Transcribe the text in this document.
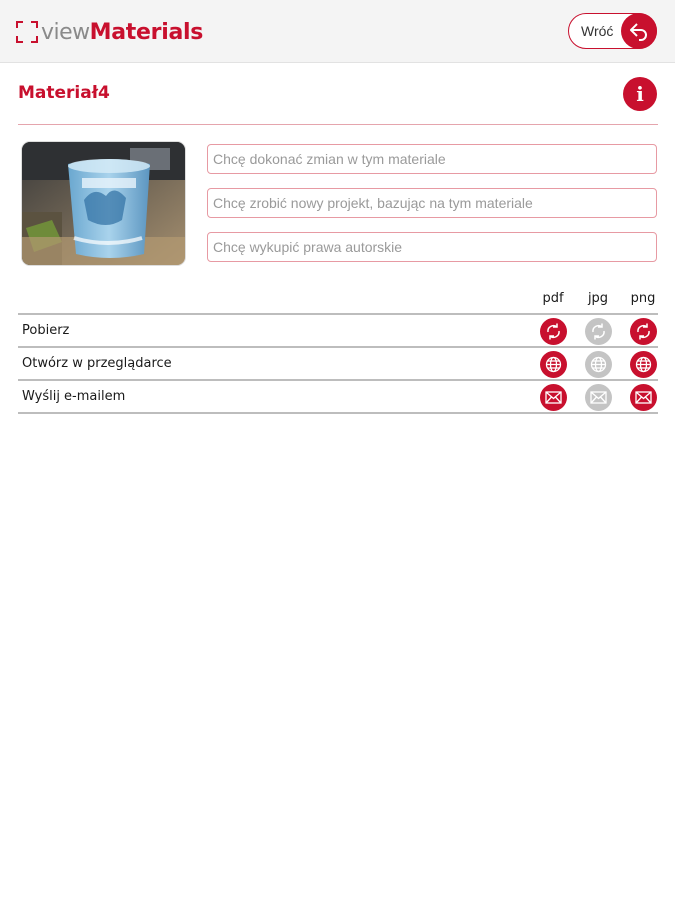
view Materials	Wróć
Materiał4	i
Chcę dokonać zmian w tym materiale
Chcę zrobić nowy projekt, bazując na tym materiale
Chcę wykupić prawa autorskie
pdf	jpg	png
Pobierz
Otwórz w przeglądarce
Wyślij e-mailem
